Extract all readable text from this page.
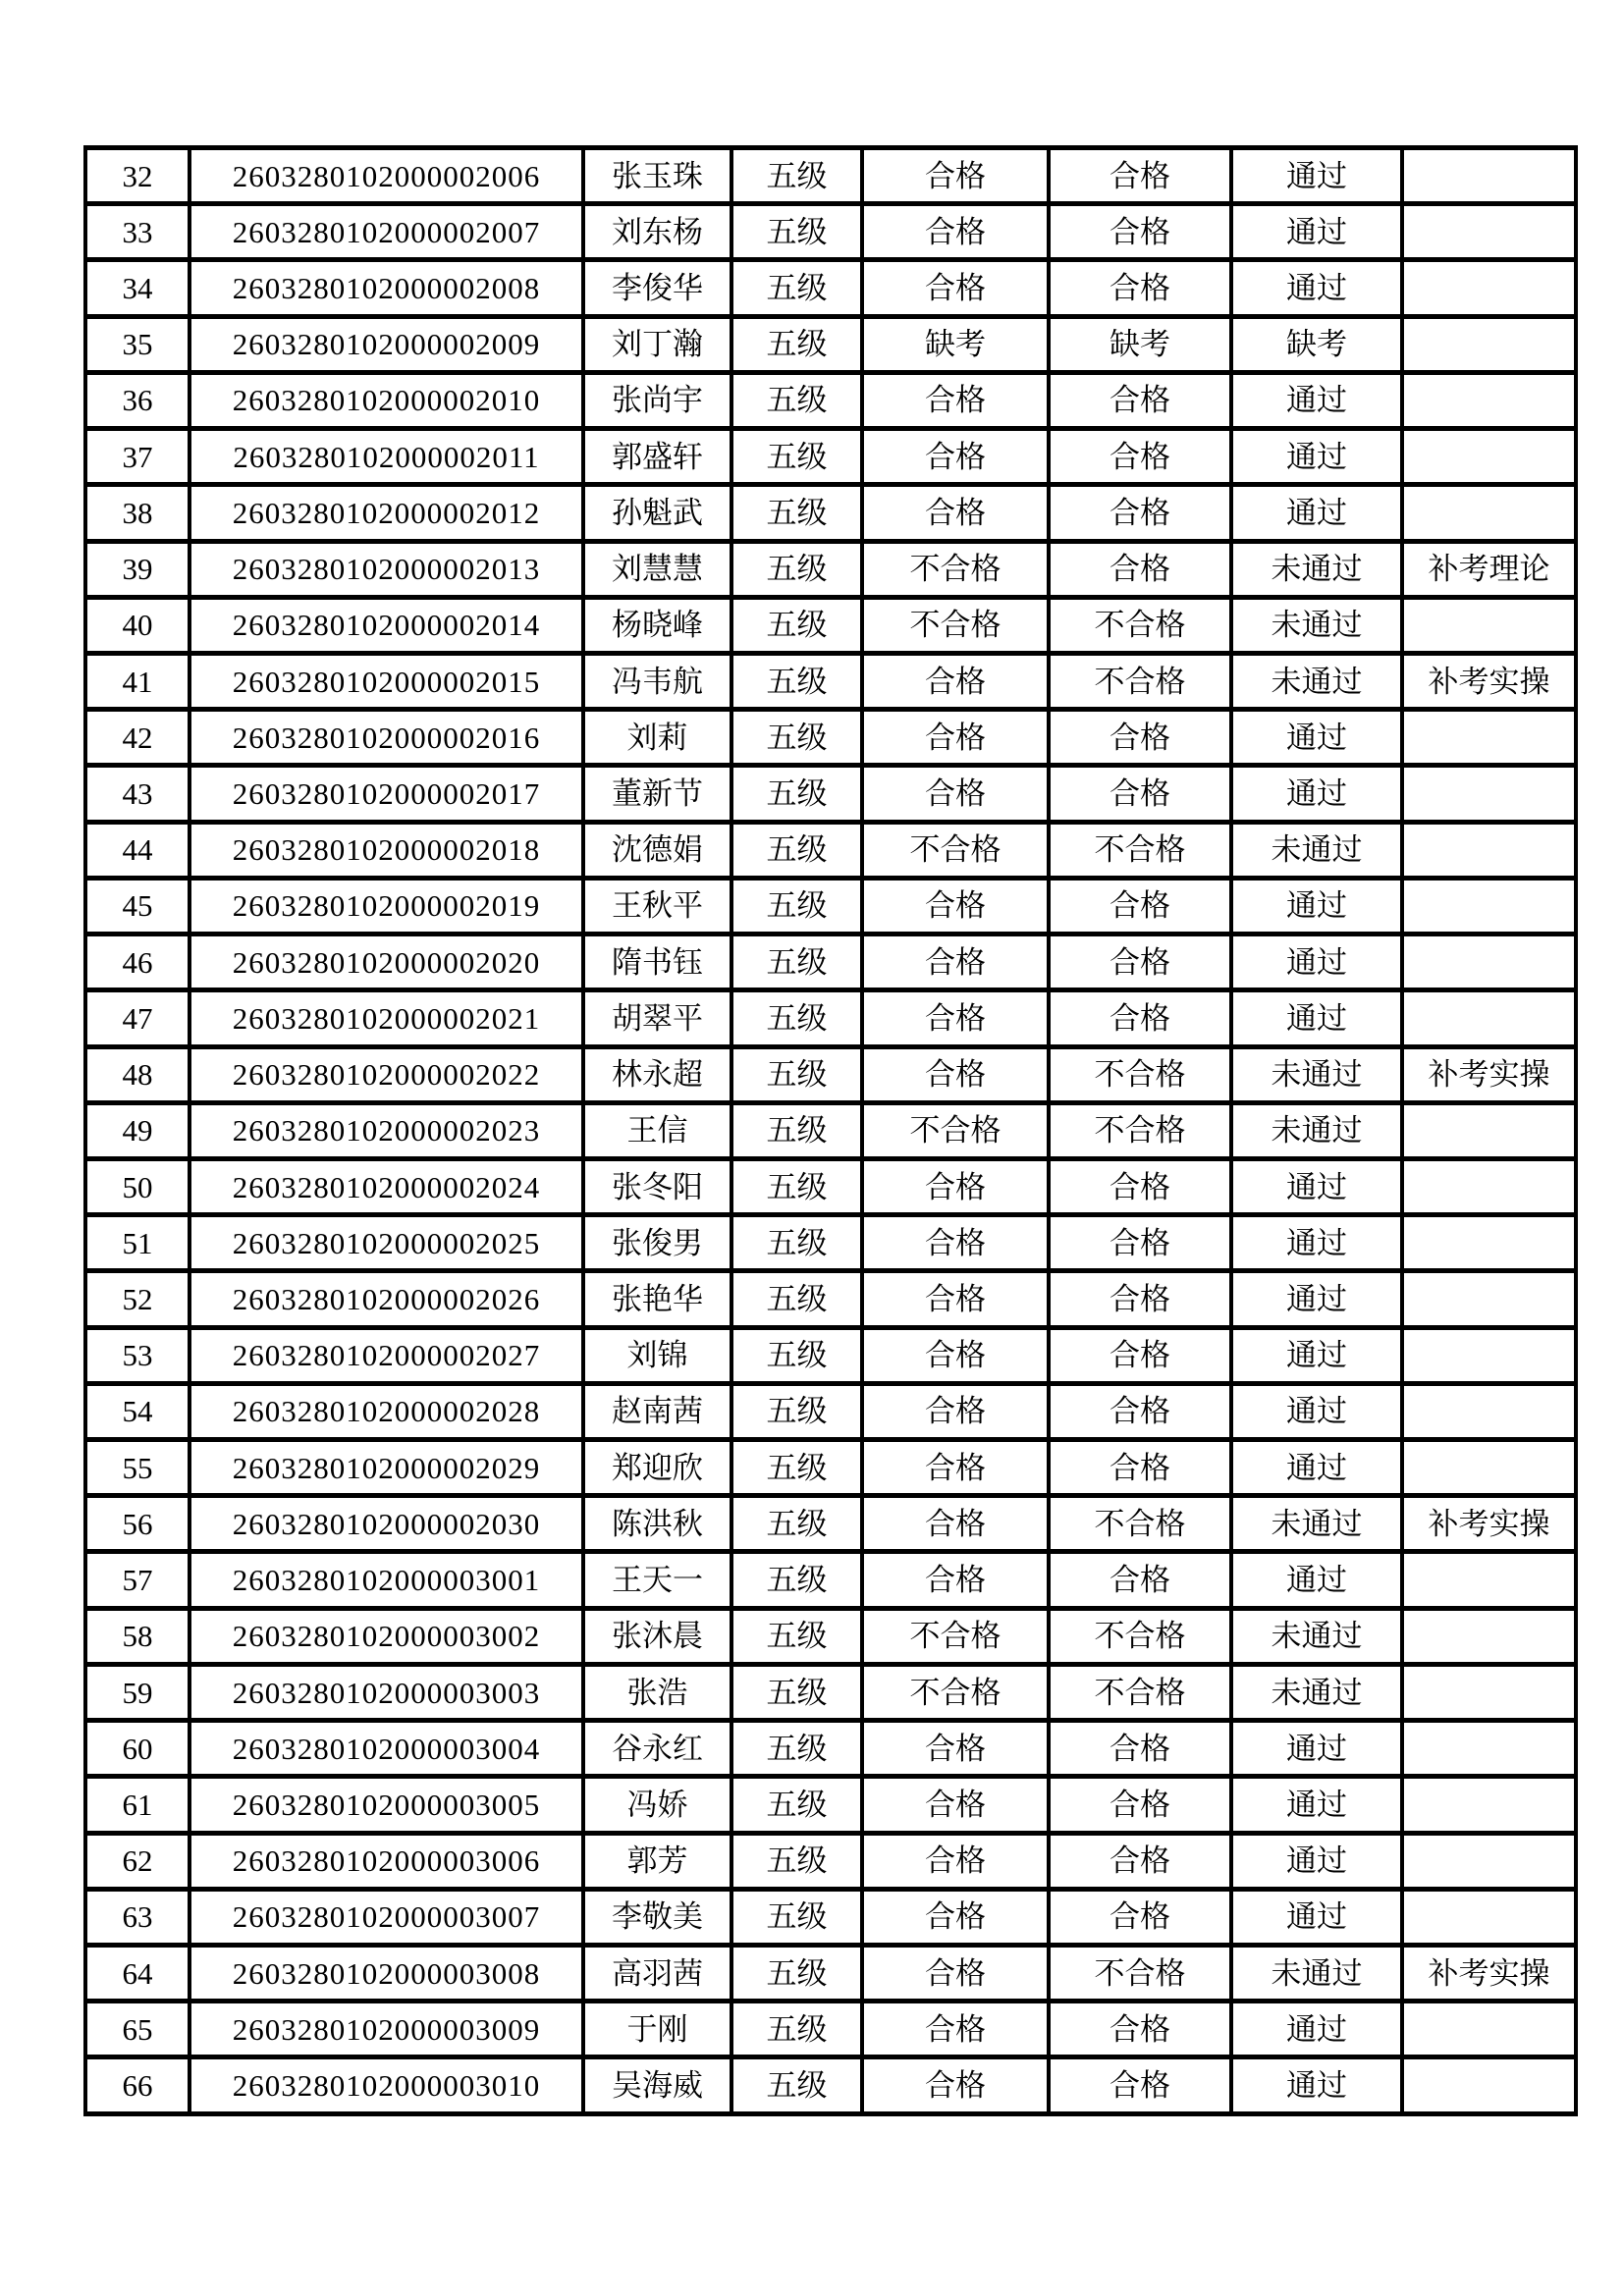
32	2603280102000002006	张玉珠	五级	合格	合格	通过	
33	2603280102000002007	刘东杨	五级	合格	合格	通过	
34	2603280102000002008	李俊华	五级	合格	合格	通过	
35	2603280102000002009	刘丁瀚	五级	缺考	缺考	缺考	
36	2603280102000002010	张尚宇	五级	合格	合格	通过	
37	2603280102000002011	郭盛轩	五级	合格	合格	通过	
38	2603280102000002012	孙魁武	五级	合格	合格	通过	
39	2603280102000002013	刘慧慧	五级	不合格	合格	未通过	补考理论
40	2603280102000002014	杨晓峰	五级	不合格	不合格	未通过	
41	2603280102000002015	冯韦航	五级	合格	不合格	未通过	补考实操
42	2603280102000002016	刘莉	五级	合格	合格	通过	
43	2603280102000002017	董新节	五级	合格	合格	通过	
44	2603280102000002018	沈德娟	五级	不合格	不合格	未通过	
45	2603280102000002019	王秋平	五级	合格	合格	通过	
46	2603280102000002020	隋书钰	五级	合格	合格	通过	
47	2603280102000002021	胡翠平	五级	合格	合格	通过	
48	2603280102000002022	林永超	五级	合格	不合格	未通过	补考实操
49	2603280102000002023	王信	五级	不合格	不合格	未通过	
50	2603280102000002024	张冬阳	五级	合格	合格	通过	
51	2603280102000002025	张俊男	五级	合格	合格	通过	
52	2603280102000002026	张艳华	五级	合格	合格	通过	
53	2603280102000002027	刘锦	五级	合格	合格	通过	
54	2603280102000002028	赵南茜	五级	合格	合格	通过	
55	2603280102000002029	郑迎欣	五级	合格	合格	通过	
56	2603280102000002030	陈洪秋	五级	合格	不合格	未通过	补考实操
57	2603280102000003001	王天一	五级	合格	合格	通过	
58	2603280102000003002	张沐晨	五级	不合格	不合格	未通过	
59	2603280102000003003	张浩	五级	不合格	不合格	未通过	
60	2603280102000003004	谷永红	五级	合格	合格	通过	
61	2603280102000003005	冯娇	五级	合格	合格	通过	
62	2603280102000003006	郭芳	五级	合格	合格	通过	
63	2603280102000003007	李敬美	五级	合格	合格	通过	
64	2603280102000003008	高羽茜	五级	合格	不合格	未通过	补考实操
65	2603280102000003009	于刚	五级	合格	合格	通过	
66	2603280102000003010	吴海威	五级	合格	合格	通过	
